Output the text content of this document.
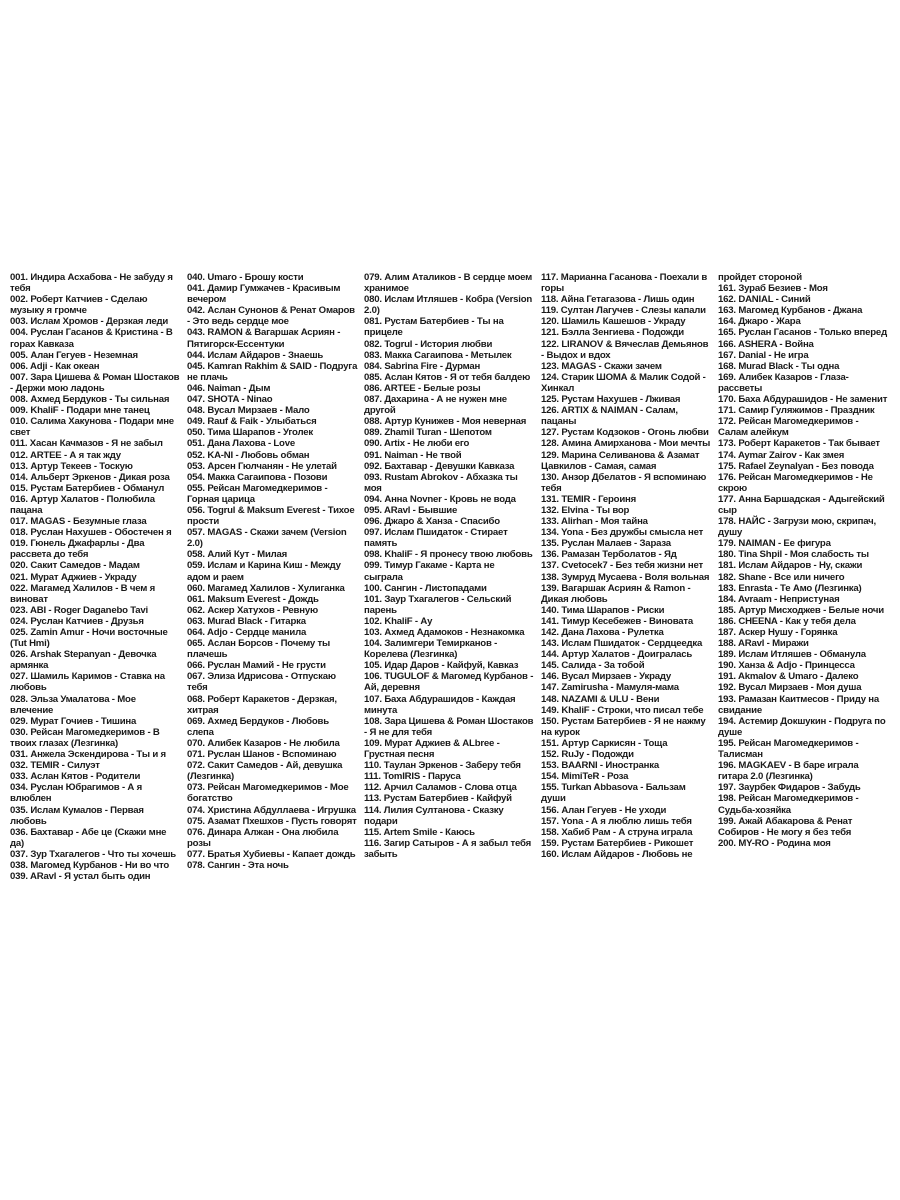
001. Индира Асхабова - Не забуду я тебя

002. Роберт Катчиев - Сделаю музыку я громче

003. Ислам Хромов - Дерзкая леди

004. Руслан Гасанов & Кристина - В горах Кавказа

005. Алан Гегуев - Неземная

006. Adji - Как океан

007. Зара Цишева & Роман Шостаков - Держи мою ладонь

008. Ахмед Бердуков - Ты сильная

009. KhaliF - Подари мне танец

010. Салима Хакунова - Подари мне свет

011. Хасан Качмазов - Я не забыл

012. ARTEE - А я так жду

013. Артур Текеев - Тоскую

014. Альберт Эркенов - Дикая роза

015. Рустам Батербиев - Обманул

016. Артур Халатов - Полюбила пацана

017. MAGAS - Безумные глаза

018. Руслан Нахушев - Обостечен я

019. Гюнель Джафарлы - Два рассвета до тебя

020. Сакит Самедов - Мадам

021. Мурат Аджиев - Украду

022. Магамед Халилов - В чем я виноват

023. ABI - Roger Daganebo Tavi

024. Руслан Катчиев - Друзья

025. Zamin Amur - Ночи восточные (Tut Hmi)

026. Arshak Stepanyan - Девочка армянка

027. Шамиль Каримов - Ставка на любовь

028. Эльза Умалатова - Мое влечение

029. Мурат Гочиев - Тишина

030. Рейсан Магомедкеримов - В твоих глазах (Лезгинка)

031. Анжела Эскендирова - Ты и я

032. TEMIR - Силуэт

033. Аслан Кятов - Родители

034. Руслан Юбрагимов - А я влюблен

035. Ислам Кумалов - Первая любовь

036. Бахтавар - Абе це (Скажи мне да)

037. Зур Тхагалегов - Что ты хочешь

038. Магомед Курбанов - Ни во что

039. ARavl - Я устал быть один

040. Umaro - Брошу кости

041. Дамир Гумжачев - Красивым вечером

042. Аслан Сунонов & Ренат Омаров - Это ведь сердце мое

043. RAMON & Вагаршак Асриян - Пятигорск-Ессентуки

044. Ислам Айдаров - Знаешь

045. Kamran Rakhim & SAID - Подруга не плачь

046. Naiman - Дым

047. SHOTA - Ninao

048. Вусал Мирзаев - Мало

049. Rauf & Faik - Улыбаться

050. Тима Шарапов - Уголек

051. Дана Лахова - Love

052. KA-NI - Любовь обман

053. Арсен Гюлчанян - Не улетай

054. Макка Сагаипова - Позови

055. Рейсан Магомедкеримов - Горная царица

056. Togrul & Maksum Everest - Тихое прости

057. MAGAS - Скажи зачем (Version 2.0)

058. Алий Кут - Милая

059. Ислам и Карина Киш - Между адом и раем

060. Магамед Халилов - Хулиганка

061. Maksum Everest - Дождь

062. Аскер Хатухов - Ревную

063. Murad Black - Гитарка

064. Adjo - Сердце манила

065. Аслан Борсов - Почему ты плачешь

066. Руслан Мамий - Не грусти

067. Элиза Идрисова - Отпускаю тебя

068. Роберт Каракетов - Дерзкая, хитрая

069. Ахмед Бердуков - Любовь слепа

070. Алибек Казаров - Не любила

071. Руслан Шанов - Вспоминаю

072. Сакит Самедов - Ай, девушка (Лезгинка)

073. Рейсан Магомедкеримов - Мое богатство

074. Христина Абдуллаева - Игрушка

075. Азамат Пхешхов - Пусть говорят

076. Динара Алжан - Она любила розы

077. Братья Хубиевы - Капает дождь

078. Сангин - Эта ночь

079. Алим Аталиков - В сердце моем хранимое

080. Ислам Итляшев - Кобра (Version 2.0)

081. Рустам Батербиев - Ты на прицеле

082. Togrul - История любви

083. Макка Сагаипова - Метылек

084. Sabrina Fire - Дурман

085. Аслан Кятов - Я от тебя балдею

086. ARTEE - Белые розы

087. Дахарина - А не нужен мне другой

088. Артур Кунижев - Моя неверная

089. Zhamil Turan - Шепотом

090. Artix - Не люби его

091. Naiman - Не твой

092. Бахтавар - Девушки Кавказа

093. Rustam Abrokov - Абхазка ты моя

094. Анна Novner - Кровь не вода

095. ARavl - Бывшие

096. Джаро & Ханза - Спасибо

097. Ислам Пшидаток - Стирает память

098. KhaliF - Я пронесу твою любовь

099. Тимур Гакаме - Карта не сыграла

100. Сангин - Листопадами

101. Заур Тхагалегов - Сельский парень

102. KhaliF - Ау

103. Ахмед Адамоков - Незнакомка

104. Залимгери Темирканов - Корелева (Лезгинка)

105. Идар Даров - Кайфуй, Кавказ

106. TUGULOF & Магомед Курбанов - Ай, деревня

107. Баха Абдурашидов - Каждая минута

108. Зара Цишева & Роман Шостаков - Я не для тебя

109. Мурат Аджиев & ALbree - Грустная песня

110. Таулан Эркенов - Заберу тебя

111. TomIRIS - Паруса

112. Арчил Саламов - Слова отца

113. Рустам Батербиев - Кайфуй

114. Лилия Султанова - Сказку подари

115. Artem Smile - Каюсь

116. Загир Сатыров - А я забыл тебя забыть

117. Марианна Гасанова - Поехали в горы

118. Айна Гетагазова - Лишь один

119. Султан Лагучев - Слезы капали

120. Шамиль Кашешов - Украду

121. Бэлла Зенгиева - Подожди

122. LIRANOV & Вячеслав Демьянов - Выдох и вдох

123. MAGAS - Скажи зачем

124. Старик ШОМА & Малик Содой - Хинкал

125. Рустам Нахушев - Лживая

126. ARTIX & NAIMAN - Салам, пацаны

127. Рустам Кодзоков - Огонь любви

128. Амина Амирханова - Мои мечты

129. Марина Селиванова & Азамат Цавкилов - Самая, самая

130. Анзор Дбелатов - Я вспоминаю тебя

131. TEMIR - Героиня

132. Elvina - Ты вор

133. Alirhan - Моя тайна

134. Yona - Без дружбы смысла нет

135. Руслан Малаев - Зараза

136. Рамазан Терболатов - Яд

137. Cvetocek7 - Без тебя жизни нет

138. Зумруд Мусаева - Воля вольная

139. Вагаршак Асриян & Ramon - Дикая любовь

140. Тима Шарапов - Риски

141. Тимур Кесебежев - Виновата

142. Дана Лахова - Рулетка

143. Ислам Пшидаток - Сердцеедка

144. Артур Халатов - Доигралась

145. Салида - За тобой

146. Вусал Мирзаев - Украду

147. Zamirusha - Мамуля-мама

148. NAZAMI & ULU - Вени

149. KhaliF - Строки, что писал тебе

150. Рустам Батербиев - Я не нажму на курок

151. Артур Саркисян - Тоща

152. RuJy - Подожди

153. BAARNI - Иностранка

154. MimiTeR - Роза

155. Turkan Abbasova - Бальзам души

156. Алан Гегуев - Не уходи

157. Yona - А я люблю лишь тебя

158. Хабиб Рам - А струна играла

159. Рустам Батербиев - Рикошет

160. Ислам Айдаров - Любовь не

пройдет стороной

161. Зураб Безиев - Моя

162. DANIAL - Синий

163. Магомед Курбанов - Джана

164. Джаро - Жара

165. Руслан Гасанов - Только вперед

166. ASHERA - Война

167. Danial - Не игра

168. Murad Black - Ты одна

169. Алибек Казаров - Глаза-рассветы

170. Баха Абдурашидов - Не заменит

171. Самир Гуляжимов - Праздник

172. Рейсан Магомедкеримов - Салам алейкум

173. Роберт Каракетов - Так бывает

174. Aymar Zairov - Как змея

175. Rafael Zeynalyan - Без повода

176. Рейсан Магомедкеримов - Не скрою

177. Анна Баршадская - Адыгейский сыр

178. НАЙС - Загрузи мою, скрипач, душу

179. NAIMAN - Ее фигура

180. Tina Shpil - Моя слабость ты

181. Ислам Айдаров - Ну, скажи

182. Shane - Все или ничего

183. Enrasta - Те Амо (Лезгинка)

184. Avraam - Непристуная

185. Артур Мисходжев - Белые ночи

186. CHEENA - Как у тебя дела

187. Аскер Нушу - Горянка

188. ARavl - Миражи

189. Ислам Итляшев - Обманула

190. Ханза & Adjo - Принцесса

191. Akmalov & Umaro - Далеко

192. Вусал Мирзаев - Моя душа

193. Рамазан Каитмесов - Приду на свидание

194. Астемир Докшукин - Подруга по душе

195. Рейсан Магомедкеримов - Талисман

196. MAGKAEV - В баре играла гитара 2.0 (Лезгинка)

197. Заурбек Фидаров - Забудь

198. Рейсан Магомедкеримов - Судьба-хозяйка

199. Ажай Абакарова & Ренат Собиров - Не могу я без тебя

200. MY-RO - Родина моя
